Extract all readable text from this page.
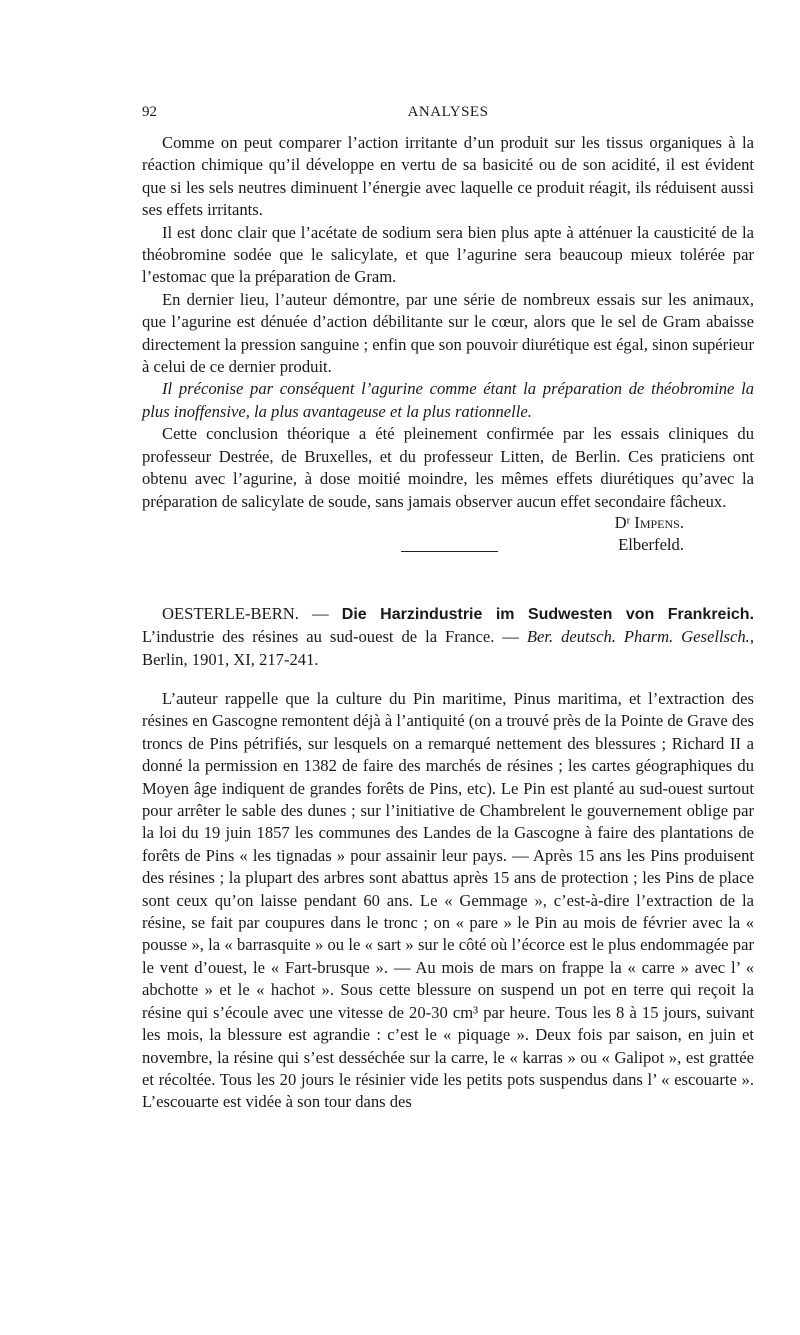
92	ANALYSES

Comme on peut comparer l’action irritante d’un produit sur les tissus organiques à la réaction chimique qu’il développe en vertu de sa basicité ou de son acidité, il est évident que si les sels neutres diminuent l’énergie avec laquelle ce produit réagit, ils réduisent aussi ses effets irritants.

Il est donc clair que l’acétate de sodium sera bien plus apte à atténuer la causticité de la théobromine sodée que le salicylate, et que l’agurine sera beaucoup mieux tolérée par l’estomac que la préparation de Gram.

En dernier lieu, l’auteur démontre, par une série de nombreux essais sur les animaux, que l’agurine est dénuée d’action débilitante sur le cœur, alors que le sel de Gram abaisse directement la pression sanguine ; enfin que son pouvoir diurétique est égal, sinon supérieur à celui de ce dernier produit.

Il préconise par conséquent l’agurine comme étant la préparation de théobromine la plus inoffensive, la plus avantageuse et la plus rationnelle.

Cette conclusion théorique a été pleinement confirmée par les essais cliniques du professeur Destrée, de Bruxelles, et du professeur Litten, de Berlin. Ces praticiens ont obtenu avec l’agurine, à dose moitié moindre, les mêmes effets diurétiques qu’avec la préparation de salicylate de soude, sans jamais observer aucun effet secondaire fâcheux.

Dʳ Impens.
Elberfeld.

OESTERLE-BERN. — Die Harzindustrie im Sudwesten von Frankreich. L’industrie des résines au sud-ouest de la France. — Ber. deutsch. Pharm. Gesellsch., Berlin, 1901, XI, 217-241.

L’auteur rappelle que la culture du Pin maritime, Pinus maritima, et l’extraction des résines en Gascogne remontent déjà à l’antiquité (on a trouvé près de la Pointe de Grave des troncs de Pins pétrifiés, sur lesquels on a remarqué nettement des blessures ; Richard II a donné la permission en 1382 de faire des marchés de résines ; les cartes géographiques du Moyen âge indiquent de grandes forêts de Pins, etc). Le Pin est planté au sud-ouest surtout pour arrêter le sable des dunes ; sur l’initiative de Chambrelent le gouvernement oblige par la loi du 19 juin 1857 les communes des Landes de la Gascogne à faire des plantations de forêts de Pins « les tignadas » pour assainir leur pays. — Après 15 ans les Pins produisent des résines ; la plupart des arbres sont abattus après 15 ans de protection ; les Pins de place sont ceux qu’on laisse pendant 60 ans. Le « Gemmage », c’est-à-dire l’extraction de la résine, se fait par coupures dans le tronc ; on « pare » le Pin au mois de février avec la « pousse », la « barrasquite » ou le « sart » sur le côté où l’écorce est le plus endommagée par le vent d’ouest, le « Fart-brusque ». — Au mois de mars on frappe la « carre » avec l’ « abchotte » et le « hachot ». Sous cette blessure on suspend un pot en terre qui reçoit la résine qui s’écoule avec une vitesse de 20-30 cm³ par heure. Tous les 8 à 15 jours, suivant les mois, la blessure est agrandie : c’est le « piquage ». Deux fois par saison, en juin et novembre, la résine qui s’est desséchée sur la carre, le « karras » ou « Galipot », est grattée et récoltée. Tous les 20 jours le résinier vide les petits pots suspendus dans l’ « escouarte ». L’escouarte est vidée à son tour dans des
